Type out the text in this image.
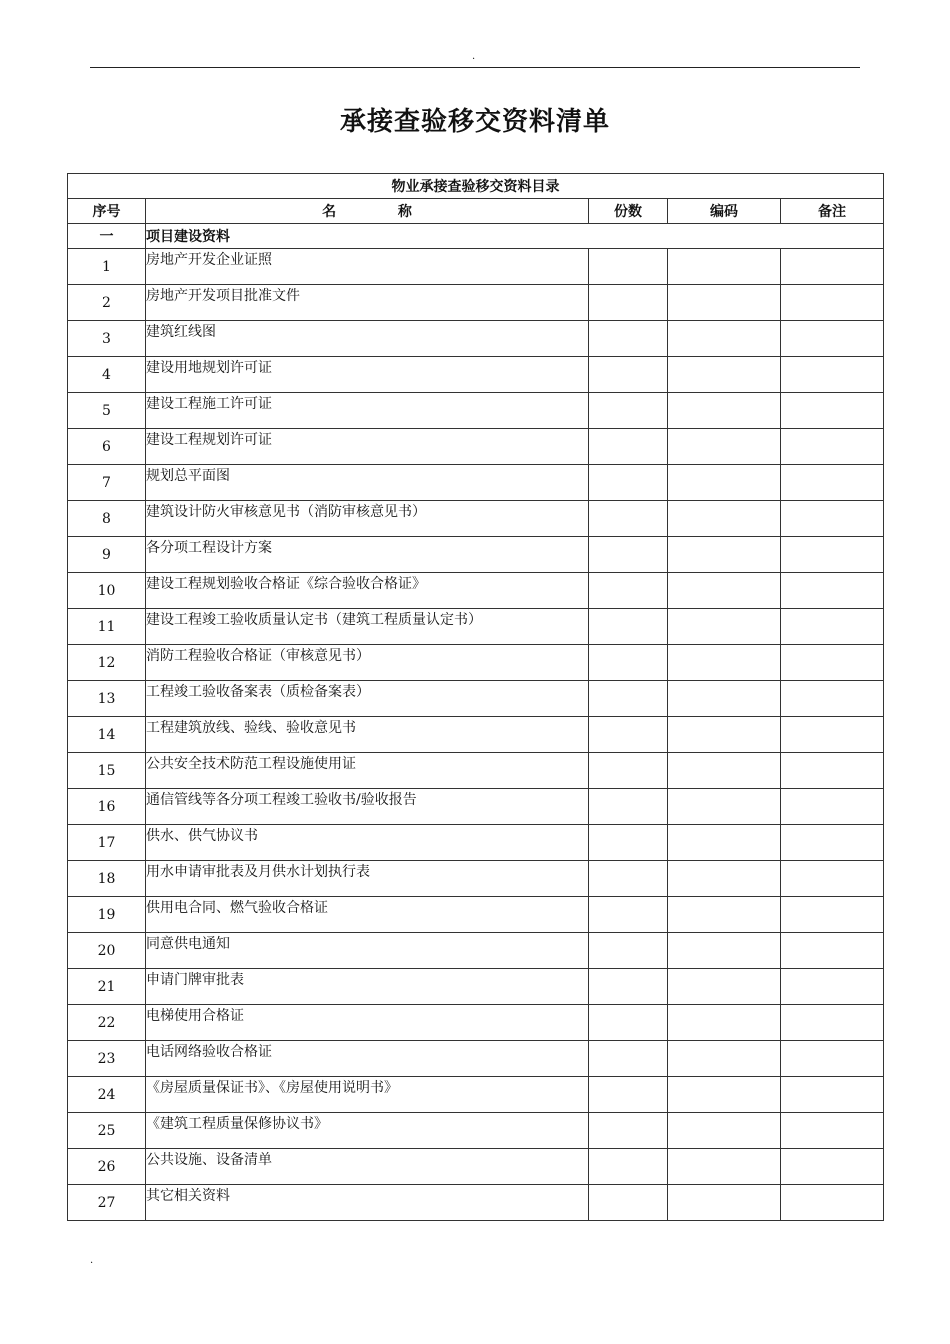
.
承接查验移交资料清单
物业承接查验移交资料目录				
序号	名 称	份数	编码	备注
一	项目建设资料			
1	房地产开发企业证照			
2	房地产开发项目批准文件			
3	建筑红线图			
4	建设用地规划许可证			
5	建设工程施工许可证			
6	建设工程规划许可证			
7	规划总平面图			
8	建筑设计防火审核意见书（消防审核意见书）			
9	各分项工程设计方案			
10	建设工程规划验收合格证《综合验收合格证》			
11	建设工程竣工验收质量认定书（建筑工程质量认定书）			
12	消防工程验收合格证（审核意见书）			
13	工程竣工验收备案表（质检备案表）			
14	工程建筑放线、验线、验收意见书			
15	公共安全技术防范工程设施使用证			
16	通信管线等各分项工程竣工验收书/验收报告			
17	供水、供气协议书			
18	用水申请审批表及月供水计划执行表			
19	供用电合同、燃气验收合格证			
20	同意供电通知			
21	申请门牌审批表			
22	电梯使用合格证			
23	电话网络验收合格证			
24	《房屋质量保证书》、《房屋使用说明书》			
25	《建筑工程质量保修协议书》			
26	公共设施、设备清单			
27	其它相关资料			
.
